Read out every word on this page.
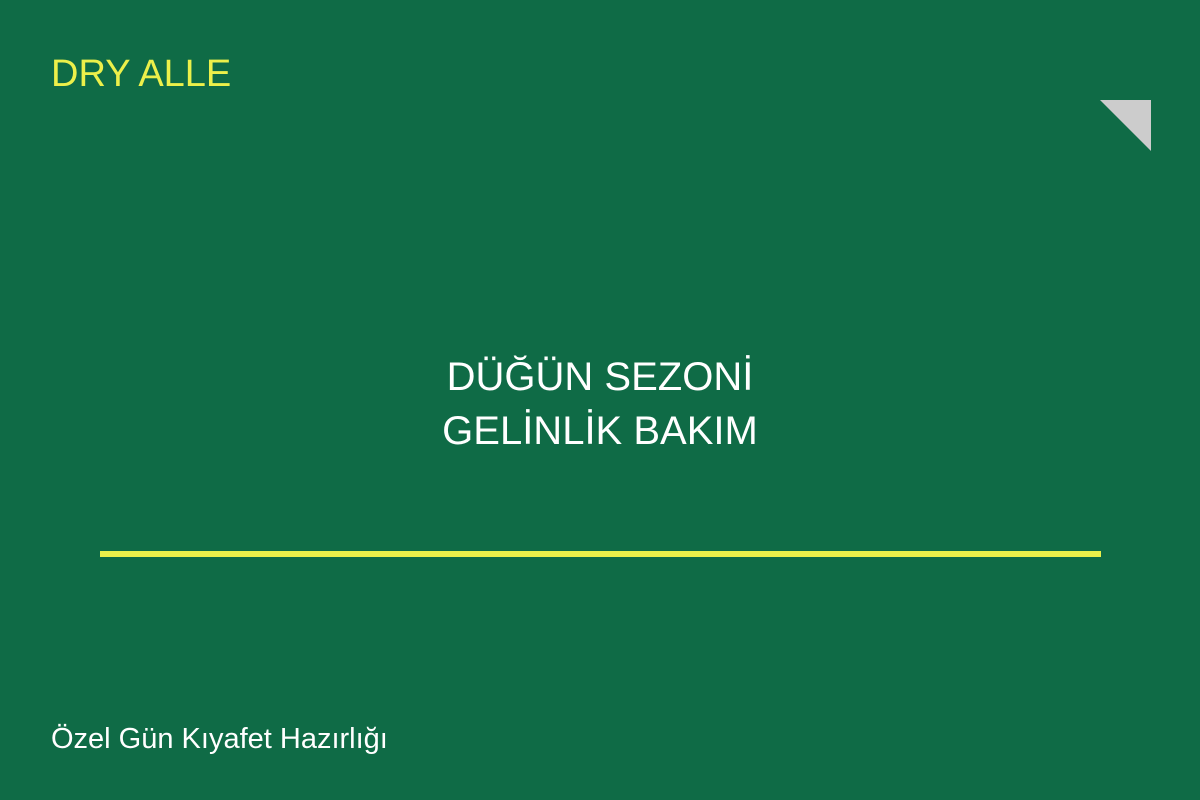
DRY ALLE
DÜĞÜN SEZONİ
GELİNLİK BAKIM
Özel Gün Kıyafet Hazırlığı
